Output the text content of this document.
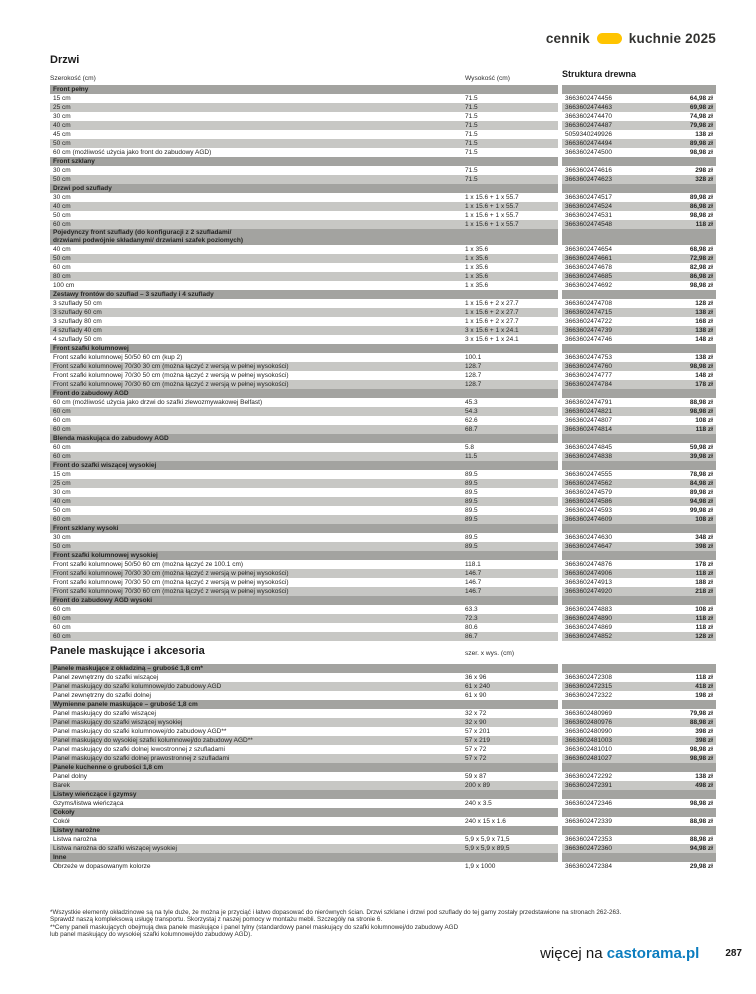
cennik	kuchnie 2025
Drzwi
Szerokość (cm)	Wysokość (cm)	Struktura drewna
Front pełny
15 cm	71.5	3663602474456	64,98 zł
25 cm	71.5	3663602474463	69,98 zł
30 cm	71.5	3663602474470	74,98 zł
40 cm	71.5	3663602474487	79,98 zł
45 cm	71.5	5059340249926	138 zł
50 cm	71.5	3663602474494	89,98 zł
60 cm (możliwość użycia jako front do zabudowy AGD)	71.5	3663602474500	98,98 zł
Front szklany
30 cm	71.5	3663602474616	298 zł
50 cm	71.5	3663602474623	328 zł
Drzwi pod szuflady
30 cm	1 x 15.6 + 1 x 55.7	3663602474517	89,98 zł
40 cm	1 x 15.6 + 1 x 55.7	3663602474524	86,98 zł
50 cm	1 x 15.6 + 1 x 55.7	3663602474531	98,98 zł
60 cm	1 x 15.6 + 1 x 55.7	3663602474548	118 zł
Pojedynczy front szuflady (do konfiguracji z 2 szufladami/
drzwiami podwójnie składanymi/ drzwiami szafek poziomych)
40 cm	1 x 35.6	3663602474654	68,98 zł
50 cm	1 x 35.6	3663602474661	72,98 zł
60 cm	1 x 35.6	3663602474678	82,98 zł
80 cm	1 x 35.6	3663602474685	86,98 zł
100 cm	1 x 35.6	3663602474692	98,98 zł
Zestawy frontów do szuflad – 3 szuflady i 4 szuflady
3 szuflady 50 cm	1 x 15.6 + 2 x 27.7	3663602474708	128 zł
3 szuflady 60 cm	1 x 15.6 + 2 x 27.7	3663602474715	138 zł
3 szuflady 80 cm	1 x 15.6 + 2 x 27.7	3663602474722	168 zł
4 szuflady 40 cm	3 x 15.6 + 1 x 24.1	3663602474739	138 zł
4 szuflady 50 cm	3 x 15.6 + 1 x 24.1	3663602474746	148 zł
Front szafki kolumnowej
Front szafki kolumnowej 50/50 60 cm (kup 2)	100.1	3663602474753	138 zł
Front szafki kolumnowej 70/30 30 cm (można łączyć z wersją w pełnej wysokości)	128.7	3663602474760	98,98 zł
Front szafki kolumnowej 70/30 50 cm (można łączyć z wersją w pełnej wysokości)	128.7	3663602474777	148 zł
Front szafki kolumnowej 70/30 60 cm (można łączyć z wersją w pełnej wysokości)	128.7	3663602474784	178 zł
Front do zabudowy AGD
60 cm (możliwość użycia jako drzwi do szafki zlewozmywakowej Belfast)	45.3	3663602474791	88,98 zł
60 cm	54.3	3663602474821	98,98 zł
60 cm	62.6	3663602474807	108 zł
60 cm	68.7	3663602474814	118 zł
Blenda maskująca do zabudowy AGD
60 cm	5.8	3663602474845	59,98 zł
60 cm	11.5	3663602474838	39,98 zł
Front do szafki wiszącej wysokiej
15 cm	89.5	3663602474555	78,98 zł
25 cm	89.5	3663602474562	84,98 zł
30 cm	89.5	3663602474579	89,98 zł
40 cm	89.5	3663602474586	94,98 zł
50 cm	89.5	3663602474593	99,98 zł
60 cm	89.5	3663602474609	108 zł
Front szklany wysoki
30 cm	89.5	3663602474630	348 zł
50 cm	89.5	3663602474647	398 zł
Front szafki kolumnowej wysokiej
Front szafki kolumnowej 50/50 60 cm (można łączyć ze 100.1 cm)	118.1	3663602474876	178 zł
Front szafki kolumnowej 70/30 30 cm (można łączyć z wersją w pełnej wysokości)	146.7	3663602474906	118 zł
Front szafki kolumnowej 70/30 50 cm (można łączyć z wersją w pełnej wysokości)	146.7	3663602474913	188 zł
Front szafki kolumnowej 70/30 60 cm (można łączyć z wersją w pełnej wysokości)	146.7	3663602474920	218 zł
Front do zabudowy AGD wysoki
60 cm	63.3	3663602474883	108 zł
60 cm	72.3	3663602474890	118 zł
60 cm	80.6	3663602474869	118 zł
60 cm	86.7	3663602474852	128 zł
Panele maskujące i akcesoria	szer. x wys. (cm)
Panele maskujące z okładziną – grubość 1,8 cm*
Panel zewnętrzny do szafki wiszącej	36 x 96	3663602472308	118 zł
Panel maskujący do szafki kolumnowej/do zabudowy AGD	61 x 240	3663602472315	418 zł
Panel zewnętrzny do szafki dolnej	61 x 90	3663602472322	198 zł
Wymienne panele maskujące – grubość 1,8 cm
Panel maskujący do szafki wiszącej	32 x 72	3663602480969	79,98 zł
Panel maskujący do szafki wiszącej wysokiej	32 x 90	3663602480976	88,98 zł
Panel maskujący do szafki kolumnowej/do zabudowy AGD**	57 x 201	3663602480990	398 zł
Panel maskujący do wysokiej szafki kolumnowej/do zabudowy AGD**	57 x 219	3663602481003	398 zł
Panel maskujący do szafki dolnej lewostronnej z szufladami	57 x 72	3663602481010	98,98 zł
Panel maskujący do szafki dolnej prawostronnej z szufladami	57 x 72	3663602481027	98,98 zł
Panele kuchenne o grubości 1,8 cm
Panel dolny	59 x 87	3663602472292	138 zł
Barek	200 x 89	3663602472391	498 zł
Listwy wieńczące i gzymsy
Gzyms/listwa wieńcząca	240 x 3.5	3663602472346	98,98 zł
Cokoły
Cokół	240 x 15 x 1.6	3663602472339	88,98 zł
Listwy narożne
Listwa narożna	5,9 x 5,9 x 71,5	3663602472353	88,98 zł
Listwa narożna do szafki wiszącej wysokiej	5,9 x 5,9 x 89,5	3663602472360	94,98 zł
Inne
Obrzeże w dopasowanym kolorze	1,9 x 1000	3663602472384	29,98 zł
*Wszystkie elementy okładzinowe są na tyle duże, że można je przyciąć i łatwo dopasować do nierównych ścian. Drzwi szklane i drzwi pod szuflady do tej gamy zostały przedstawione na stronach 262-263.
Sprawdź naszą kompleksową usługę transportu. Skorzystaj z naszej pomocy w montażu mebli. Szczegóły na stronie 6.
**Ceny paneli maskujących obejmują dwa panele maskujące i panel tylny (standardowy panel maskujący do szafki kolumnowej/do zabudowy AGD
lub panel maskujący do wysokiej szafki kolumnowej/do zabudowy AGD).
więcej na castorama.pl	287
